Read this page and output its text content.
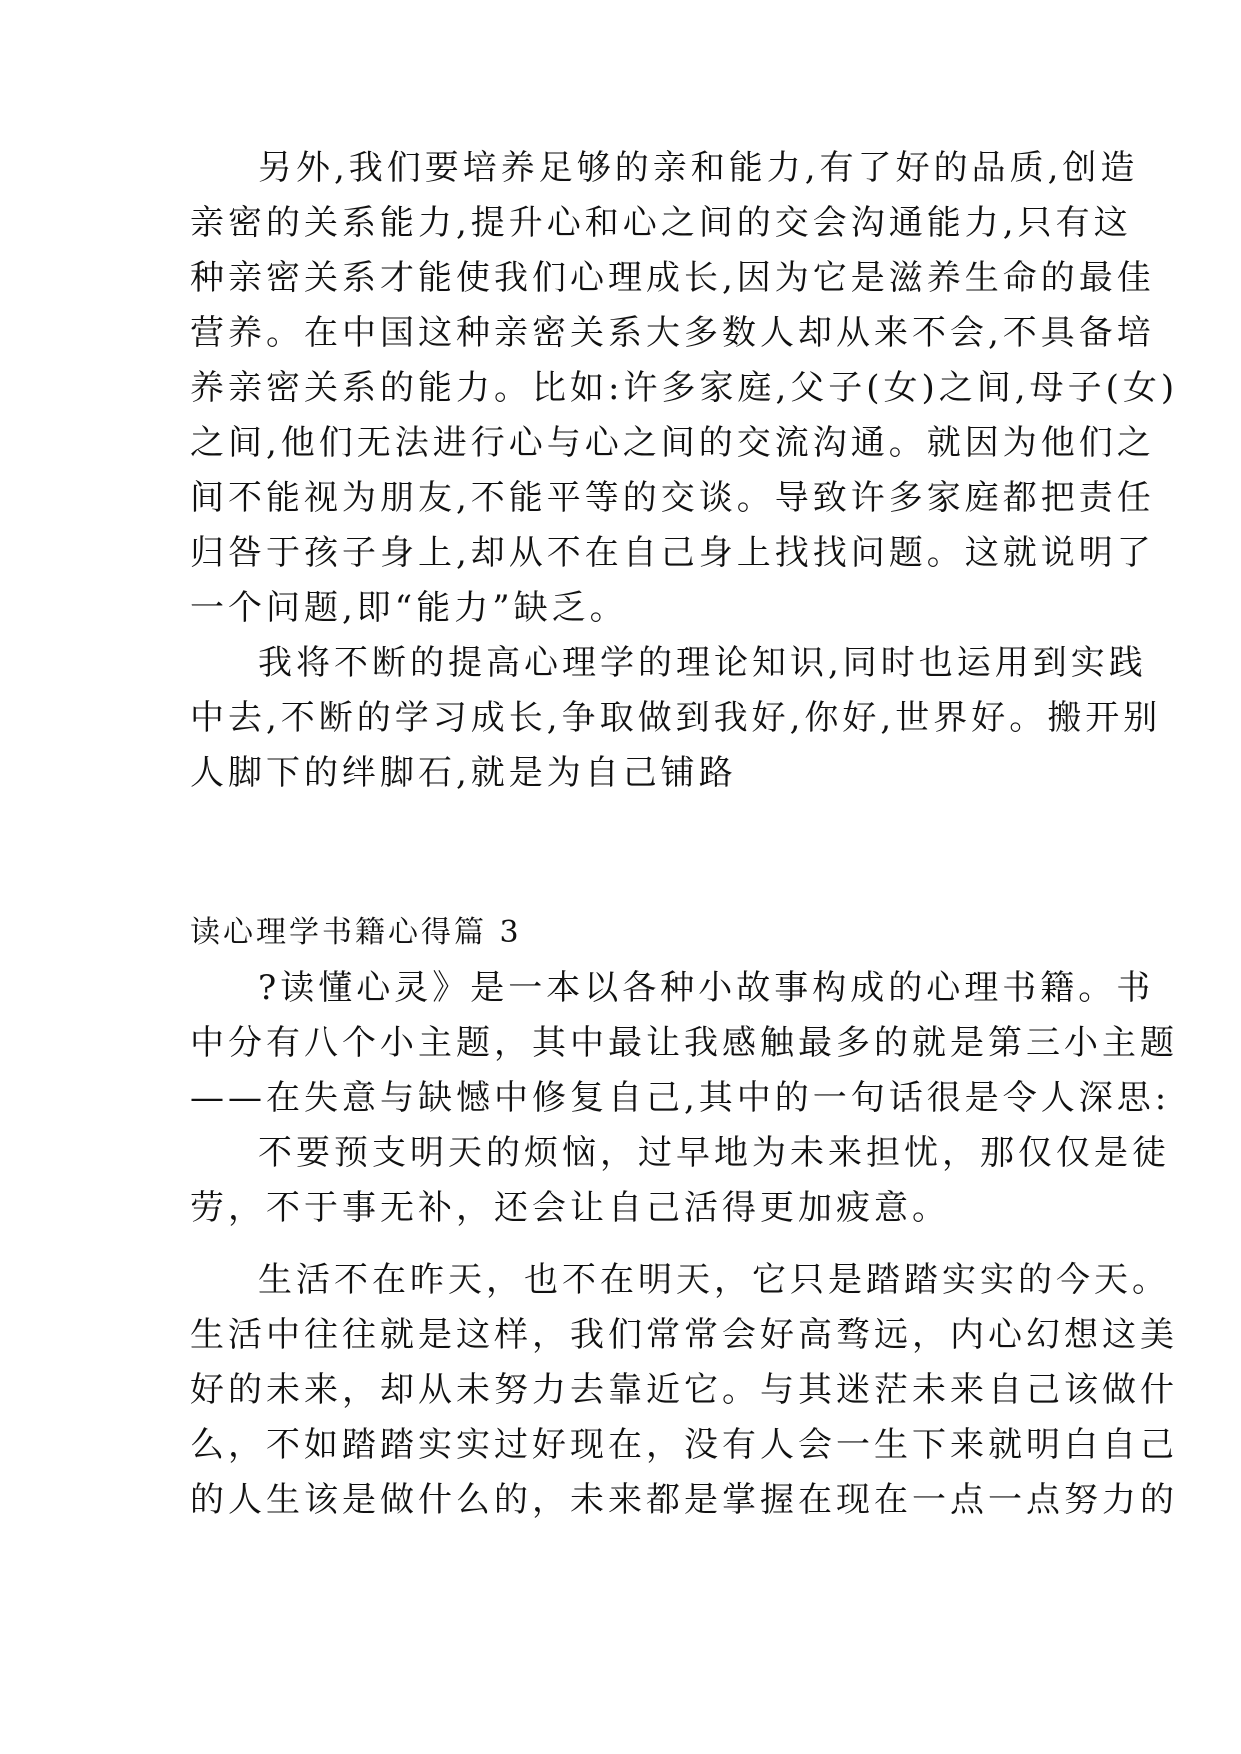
另外,我们要培养足够的亲和能力,有了好的品质,创造
亲密的关系能力,提升心和心之间的交会沟通能力,只有这
种亲密关系才能使我们心理成长,因为它是滋养生命的最佳
营养。在中国这种亲密关系大多数人却从来不会,不具备培
养亲密关系的能力。比如:许多家庭,父子(女)之间,母子(女)
之间,他们无法进行心与心之间的交流沟通。就因为他们之
间不能视为朋友,不能平等的交谈。导致许多家庭都把责任
归咎于孩子身上,却从不在自己身上找找问题。这就说明了
一个问题,即“能力”缺乏。
我将不断的提高心理学的理论知识,同时也运用到实践
中去,不断的学习成长,争取做到我好,你好,世界好。搬开别
人脚下的绊脚石,就是为自己铺路
读心理学书籍心得篇 3
?读懂心灵》是一本以各种小故事构成的心理书籍。书
中分有八个小主题，其中最让我感触最多的就是第三小主题
——在失意与缺憾中修复自己,其中的一句话很是令人深思:
不要预支明天的烦恼，过早地为未来担忧，那仅仅是徒
劳，不于事无补，还会让自己活得更加疲意。
生活不在昨天，也不在明天，它只是踏踏实实的今天。
生活中往往就是这样，我们常常会好高骛远，内心幻想这美
好的未来，却从未努力去靠近它。与其迷茫未来自己该做什
么，不如踏踏实实过好现在，没有人会一生下来就明白自己
的人生该是做什么的，未来都是掌握在现在一点一点努力的
